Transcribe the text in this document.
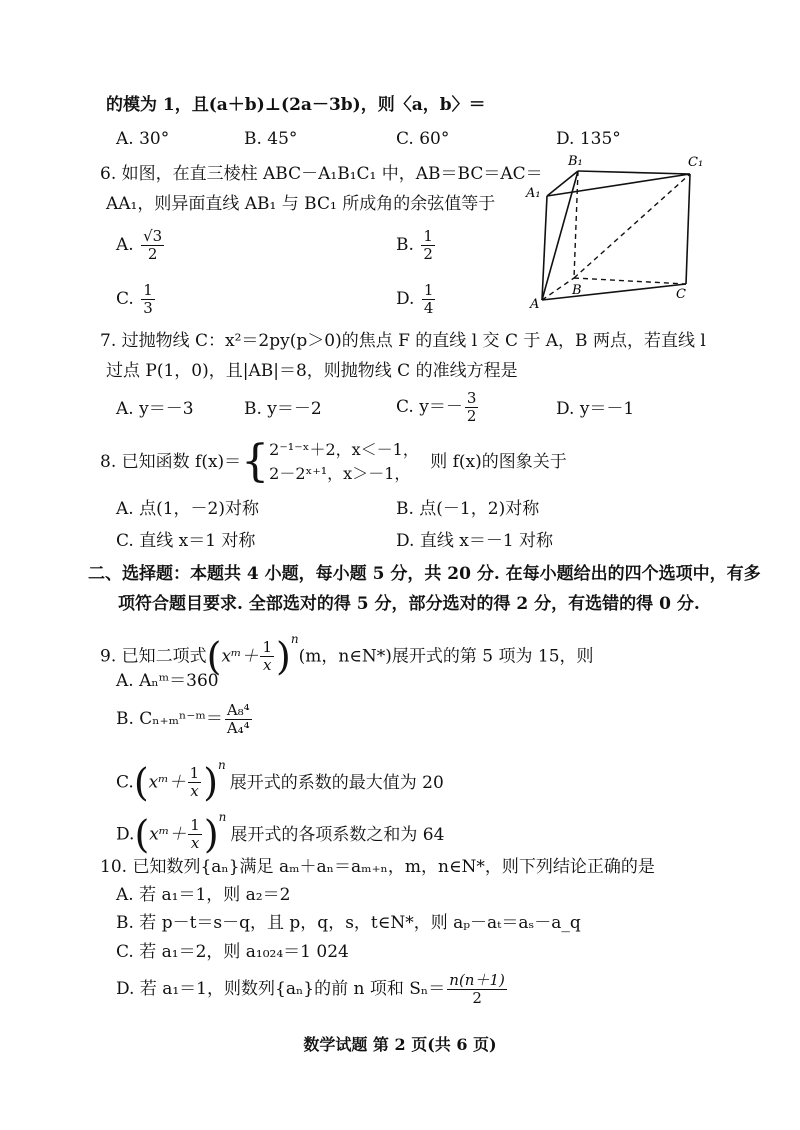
的模为 1，且(a＋b)⊥(2a－3b)，则〈a，b〉＝
A. 30°	B. 45°	C. 60°	D. 135°
6. 如图，在直三棱柱 ABC－A₁B₁C₁ 中，AB＝BC＝AC＝
AA₁，则异面直线 AB₁ 与 BC₁ 所成角的余弦值等于
A. $\frac{√3}{2}$	B. $\frac{1}{2}$
C. $\frac{1}{3}$	D. $\frac{1}{4}$
A₁
B₁	C₁
A
B	C
7. 过抛物线 C：x²＝2py(p＞0)的焦点 F 的直线 l 交 C 于 A，B 两点，若直线 l
过点 P(1，0)，且|AB|＝8，则抛物线 C 的准线方程是
A. y＝－3	B. y＝－2	C. $y=- \frac{3}{2}$	D. y＝－1
8. 已知函数 f(x)＝{ 2⁻¹⁻ˣ＋2，x＜－1，
2－2ˣ⁺¹，x＞－1，
则 f(x)的图象关于
A. 点(1，－2)对称	B. 点(－1，2)对称
C. 直线 x＝1 对称	D. 直线 x＝－1 对称
二、选择题：本题共 4 小题，每小题 5 分，共 20 分. 在每小题给出的四个选项中，有多
项符合题目要求. 全部选对的得 5 分，部分选对的得 2 分，有选错的得 0 分.
9. 已知二项式(xᵐ＋ $\frac{1}{x} )^n(m$，n∈N*)展开式的第 5 项为 15，则
A. Aₙᵐ＝360
B. Cₙ₊ₘⁿ⁻ᵐ＝ $\frac{\text{A₈⁴}}{\text{A₄⁴}}$
C.(xᵐ＋ $\frac{1}{x} )^n$展开式的系数的最大值为 20
D.(xᵐ＋ $\frac{1}{x} )^n$展开式的各项系数之和为 64
10. 已知数列{aₙ}满足 aₘ＋aₙ＝aₘ₊ₙ，m，n∈N*，则下列结论正确的是
A. 若 a₁＝1，则 a₂＝2
B. 若 p－t＝s－q，且 p，q，s，t∈N*，则 aₚ－aₜ＝aₛ－a_q
C. 若 a₁＝2，则 a₁₀₂₄＝1 024
D. 若 a₁＝1，则数列{aₙ}的前 n 项和 $S_n= \frac{n(n+1)}{2}$
数学试题 第 2 页(共 6 页)
